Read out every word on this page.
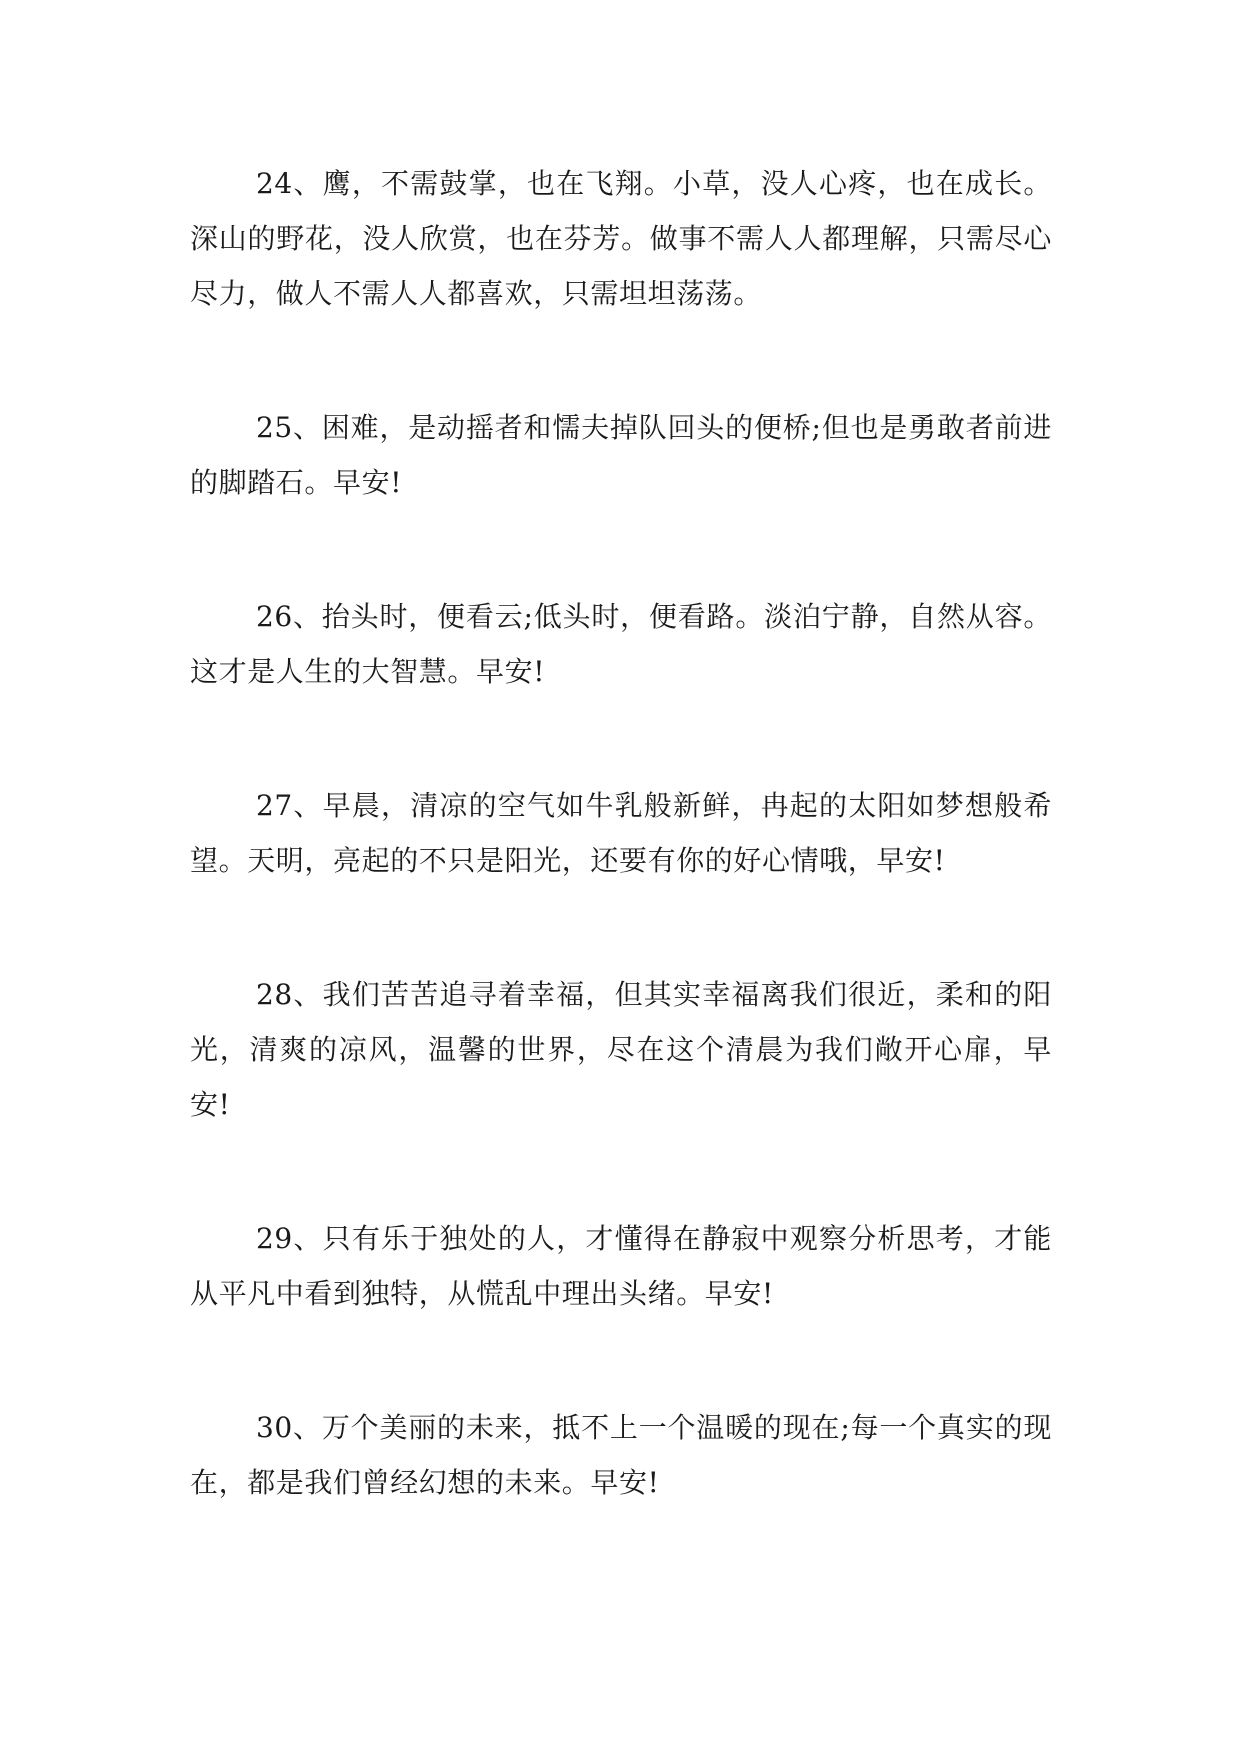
24、鹰，不需鼓掌，也在飞翔。小草，没人心疼，也在成长。深山的野花，没人欣赏，也在芬芳。做事不需人人都理解，只需尽心尽力，做人不需人人都喜欢，只需坦坦荡荡。

25、困难，是动摇者和懦夫掉队回头的便桥;但也是勇敢者前进的脚踏石。早安!

26、抬头时，便看云;低头时，便看路。淡泊宁静，自然从容。这才是人生的大智慧。早安!

27、早晨，清凉的空气如牛乳般新鲜，冉起的太阳如梦想般希望。天明，亮起的不只是阳光，还要有你的好心情哦，早安!

28、我们苦苦追寻着幸福，但其实幸福离我们很近，柔和的阳光，清爽的凉风，温馨的世界，尽在这个清晨为我们敞开心扉，早安!

29、只有乐于独处的人，才懂得在静寂中观察分析思考，才能从平凡中看到独特，从慌乱中理出头绪。早安!

30、万个美丽的未来，抵不上一个温暖的现在;每一个真实的现在，都是我们曾经幻想的未来。早安!
